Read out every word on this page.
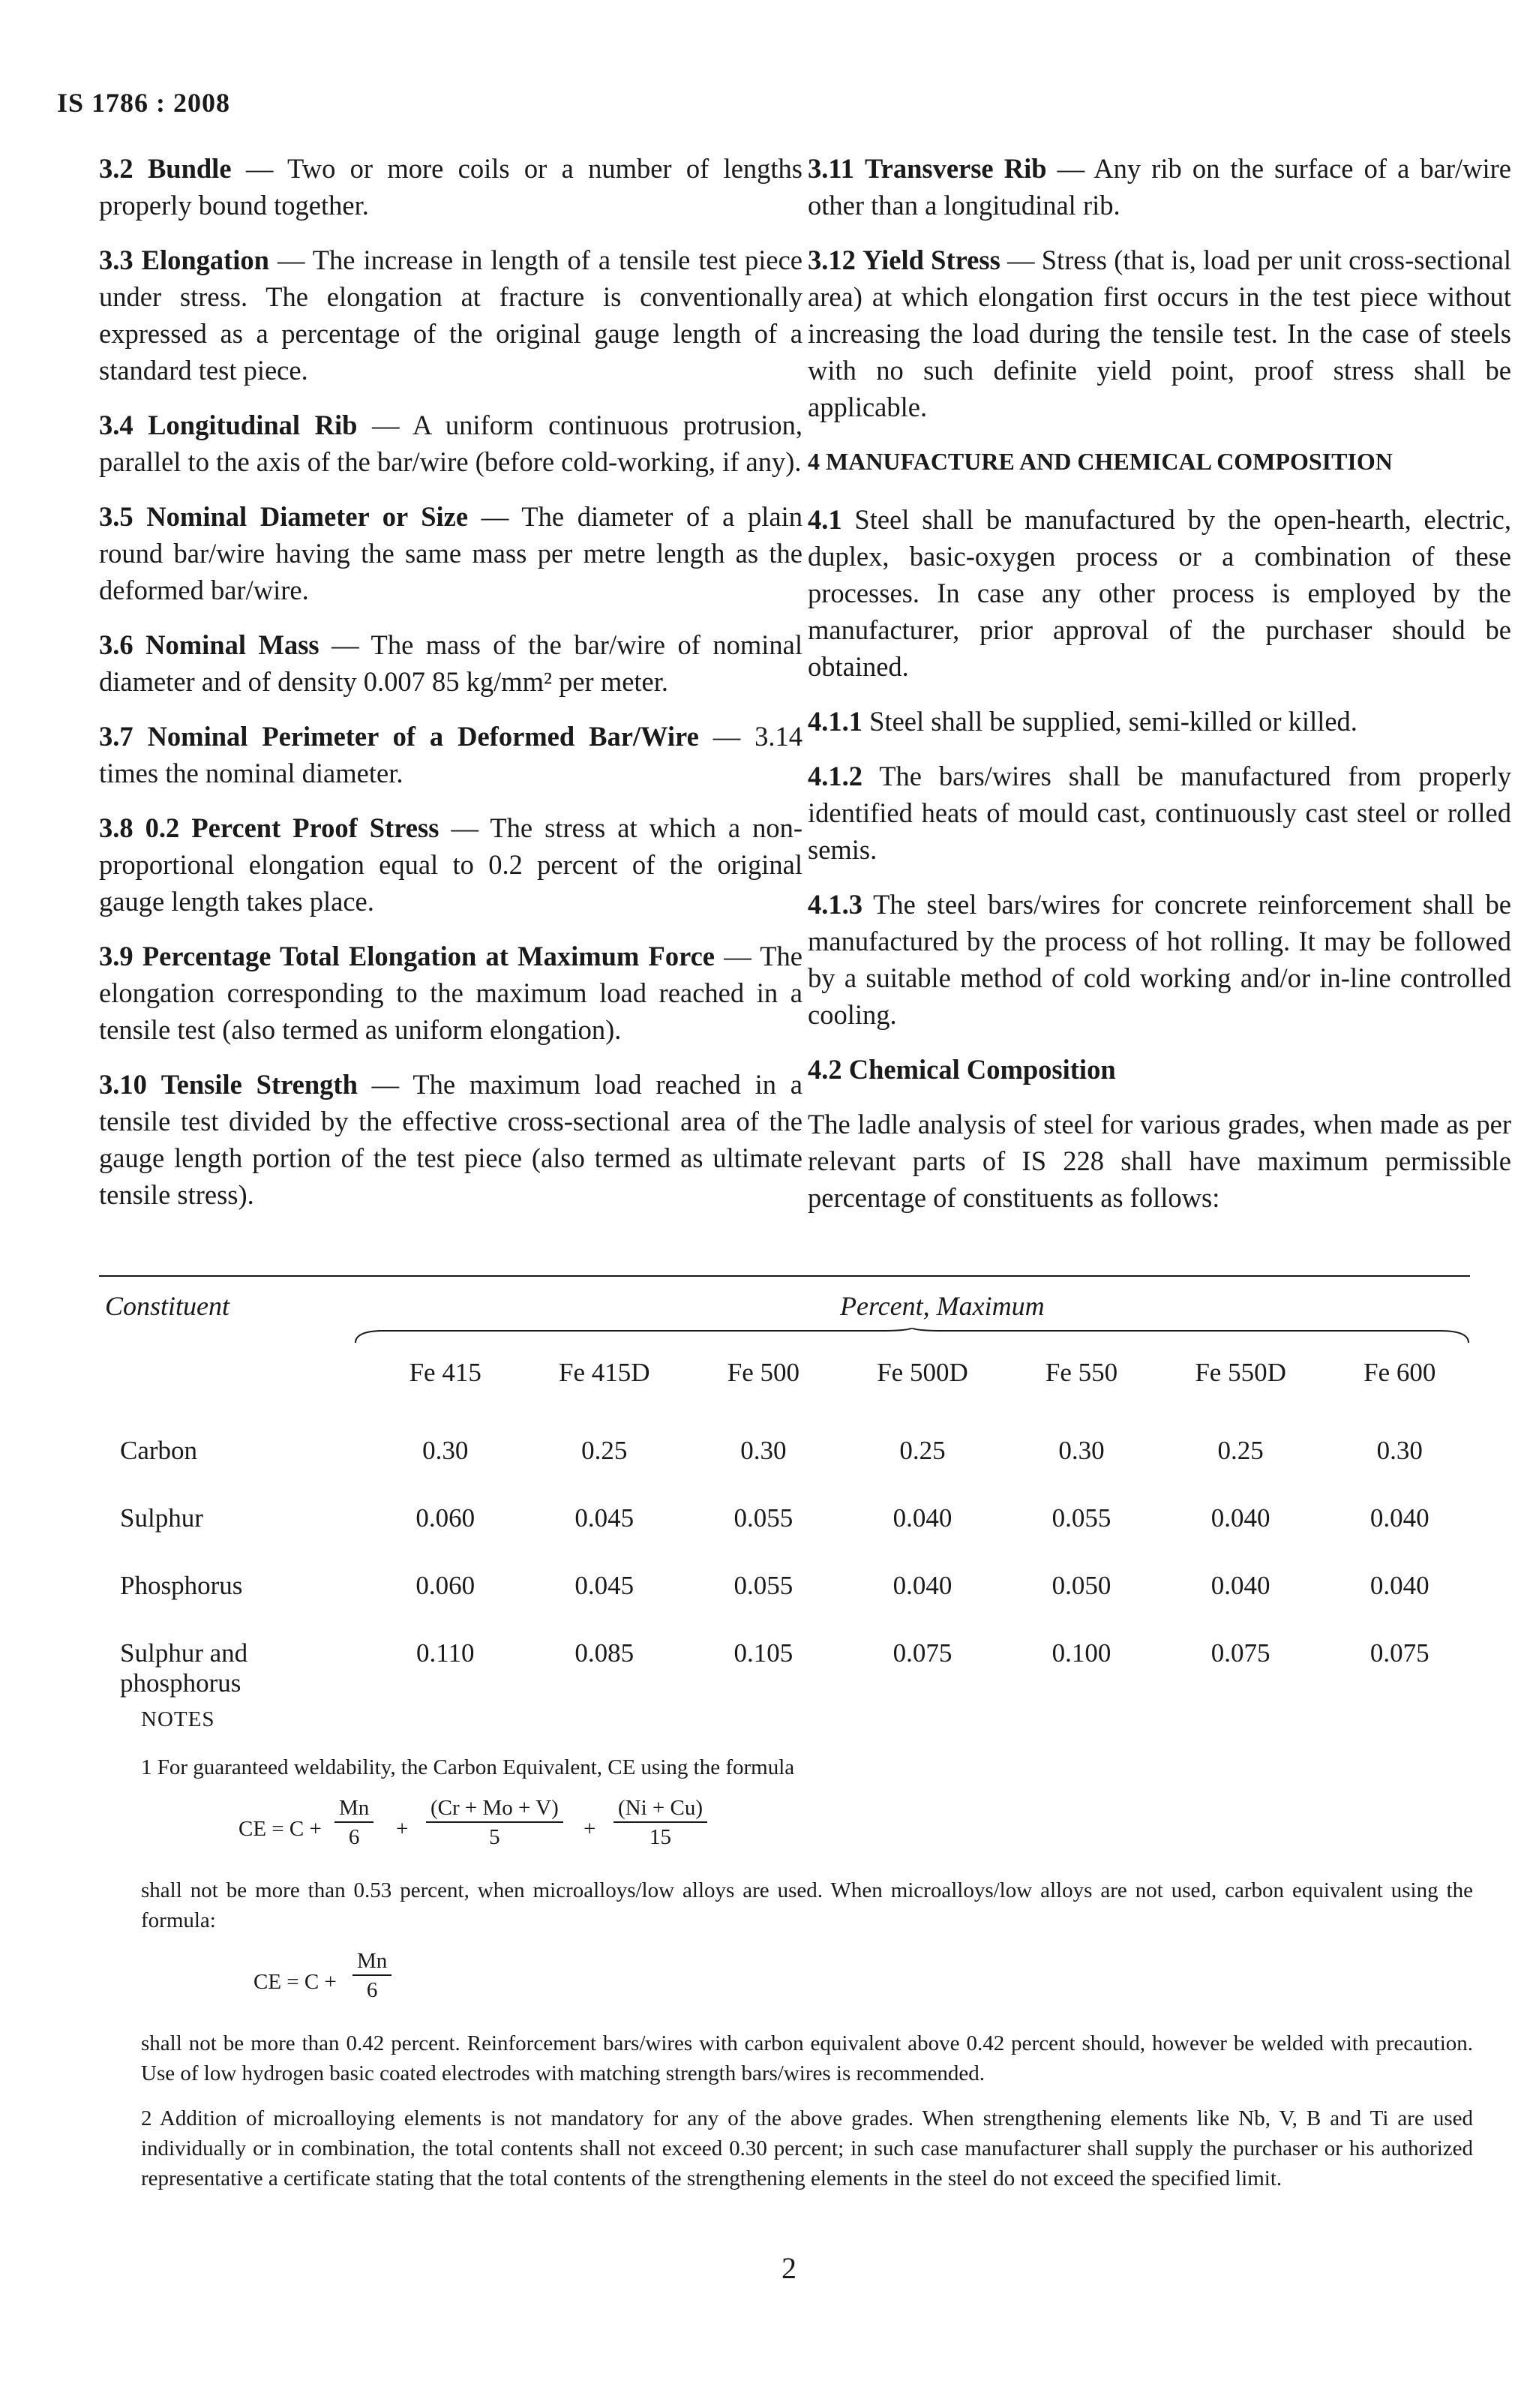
IS 1786 : 2008

3.2 Bundle — Two or more coils or a number of lengths properly bound together.

3.3 Elongation — The increase in length of a tensile test piece under stress. The elongation at fracture is conventionally expressed as a percentage of the original gauge length of a standard test piece.

3.4 Longitudinal Rib — A uniform continuous protrusion, parallel to the axis of the bar/wire (before cold-working, if any).

3.5 Nominal Diameter or Size — The diameter of a plain round bar/wire having the same mass per metre length as the deformed bar/wire.

3.6 Nominal Mass — The mass of the bar/wire of nominal diameter and of density 0.007 85 kg/mm² per meter.

3.7 Nominal Perimeter of a Deformed Bar/Wire — 3.14 times the nominal diameter.

3.8 0.2 Percent Proof Stress — The stress at which a non-proportional elongation equal to 0.2 percent of the original gauge length takes place.

3.9 Percentage Total Elongation at Maximum Force — The elongation corresponding to the maximum load reached in a tensile test (also termed as uniform elongation).

3.10 Tensile Strength — The maximum load reached in a tensile test divided by the effective cross-sectional area of the gauge length portion of the test piece (also termed as ultimate tensile stress).

3.11 Transverse Rib — Any rib on the surface of a bar/wire other than a longitudinal rib.

3.12 Yield Stress — Stress (that is, load per unit cross-sectional area) at which elongation first occurs in the test piece without increasing the load during the tensile test. In the case of steels with no such definite yield point, proof stress shall be applicable.

4 MANUFACTURE AND CHEMICAL COMPOSITION

4.1 Steel shall be manufactured by the open-hearth, electric, duplex, basic-oxygen process or a combination of these processes. In case any other process is employed by the manufacturer, prior approval of the purchaser should be obtained.

4.1.1 Steel shall be supplied, semi-killed or killed.

4.1.2 The bars/wires shall be manufactured from properly identified heats of mould cast, continuously cast steel or rolled semis.

4.1.3 The steel bars/wires for concrete reinforcement shall be manufactured by the process of hot rolling. It may be followed by a suitable method of cold working and/or in-line controlled cooling.

4.2 Chemical Composition

The ladle analysis of steel for various grades, when made as per relevant parts of IS 228 shall have maximum permissible percentage of constituents as follows:

Constituent	Percent, Maximum
	Fe 415	Fe 415D	Fe 500	Fe 500D	Fe 550	Fe 550D	Fe 600
Carbon	0.30	0.25	0.30	0.25	0.30	0.25	0.30
Sulphur	0.060	0.045	0.055	0.040	0.055	0.040	0.040
Phosphorus	0.060	0.045	0.055	0.040	0.050	0.040	0.040
Sulphur and phosphorus	0.110	0.085	0.105	0.075	0.100	0.075	0.075

NOTES

1 For guaranteed weldability, the Carbon Equivalent, CE using the formula

CE = $C + \frac{Mn}{6} + \frac{(Cr + Mo + V)}{5} + \frac{(Ni + Cu)}{15}$

shall not be more than 0.53 percent, when microalloys/low alloys are used. When microalloys/low alloys are not used, carbon equivalent using the formula:

CE = $C + \frac{Mn}{6}$

shall not be more than 0.42 percent. Reinforcement bars/wires with carbon equivalent above 0.42 percent should, however be welded with precaution. Use of low hydrogen basic coated electrodes with matching strength bars/wires is recommended.

2 Addition of microalloying elements is not mandatory for any of the above grades. When strengthening elements like Nb, V, B and Ti are used individually or in combination, the total contents shall not exceed 0.30 percent; in such case manufacturer shall supply the purchaser or his authorized representative a certificate stating that the total contents of the strengthening elements in the steel do not exceed the specified limit.

2
